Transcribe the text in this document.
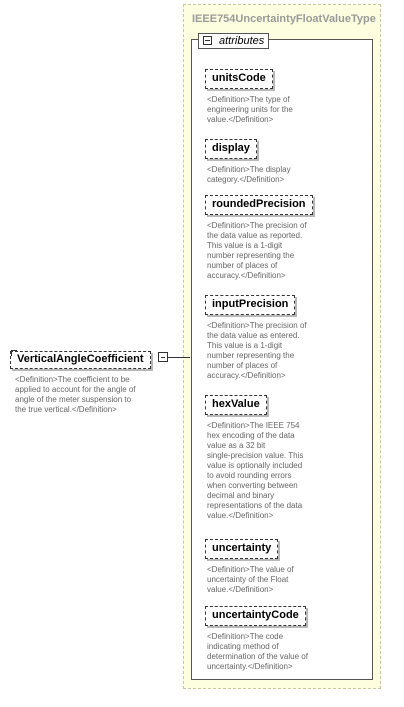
IEEE754UncertaintyFloatValueType
attributes
unitsCode
<Definition>The type of
engineering units for the
value.</Definition>
display
<Definition>The display
category.</Definition>
roundedPrecision
<Definition>The precision of
the data value as reported.
This value is a 1-digit
number representing the
number of places of
accuracy.</Definition>
inputPrecision
<Definition>The precision of
the data value as entered.
This value is a 1-digit
number representing the
number of places of
accuracy.</Definition>
hexValue
<Definition>The IEEE 754
hex encoding of the data
value as a 32 bit
single-precision value. This
value is optionally included
to avoid rounding errors
when converting between
decimal and binary
representations of the data
value.</Definition>
uncertainty
<Definition>The value of
uncertainty of the Float
value.</Definition>
uncertaintyCode
<Definition>The code
indicating method of
determination of the value of
uncertainty.</Definition>
VerticalAngleCoefficient
<Definition>The coefficient to be
applied to account for the angle of
angle of the meter suspension to
the true vertical.</Definition>
